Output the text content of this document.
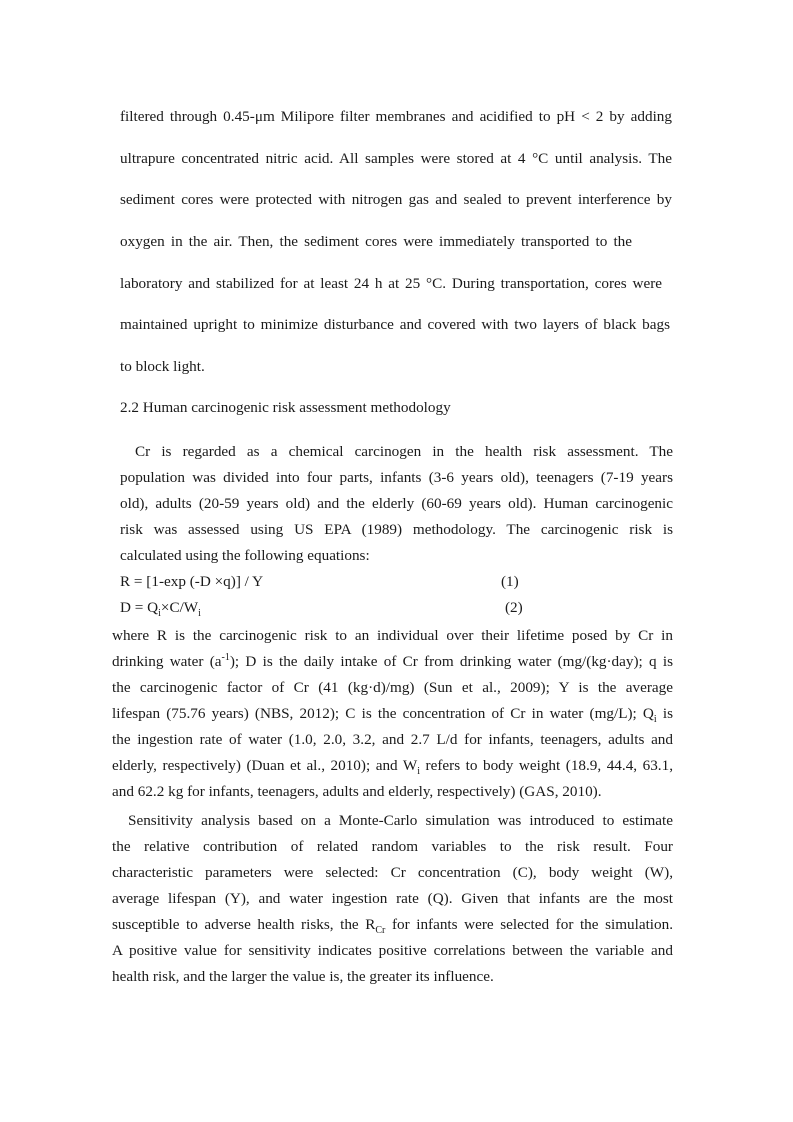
filtered through 0.45-μm Milipore filter membranes and acidified to pH < 2 by adding
ultrapure concentrated nitric acid. All samples were stored at 4 °C until analysis. The
sediment cores were protected with nitrogen gas and sealed to prevent interference by
oxygen in the air. Then, the sediment cores were immediately transported to the
laboratory and stabilized for at least 24 h at 25 °C. During transportation, cores were
maintained upright to minimize disturbance and covered with two layers of black bags
to block light.
2.2 Human carcinogenic risk assessment methodology
Cr is regarded as a chemical carcinogen in the health risk assessment. The
population was divided into four parts, infants (3-6 years old), teenagers (7-19 years
old), adults (20-59 years old) and the elderly (60-69 years old). Human carcinogenic
risk was assessed using US EPA (1989) methodology. The carcinogenic risk is
calculated using the following equations:
R = [1-exp (-D ×q)] / Y	(1)
$D = Q_i\times C/W_i$	(2)
where R is the carcinogenic risk to an individual over their lifetime posed by Cr in
drinking water $(a^{-1})$; D is the daily intake of Cr from drinking water (mg/(kg·day); q is
the carcinogenic factor of Cr (41 (kg·d)/mg) (Sun et al., 2009); Y is the average
lifespan (75.76 years) (NBS, 2012); C is the concentration of Cr in water (mg/L); $Q_i$ is
the ingestion rate of water (1.0, 2.0, 3.2, and 2.7 L/d for infants, teenagers, adults and
elderly, respectively) (Duan et al., 2010); and $W_i$ refers to body weight (18.9, 44.4, 63.1,
and 62.2 kg for infants, teenagers, adults and elderly, respectively) (GAS, 2010).
Sensitivity analysis based on a Monte-Carlo simulation was introduced to estimate
the relative contribution of related random variables to the risk result. Four
characteristic parameters were selected: Cr concentration (C), body weight (W),
average lifespan (Y), and water ingestion rate (Q). Given that infants are the most
susceptible to adverse health risks, the $R_{Cr}$ for infants were selected for the simulation.
A positive value for sensitivity indicates positive correlations between the variable and
health risk, and the larger the value is, the greater its influence.
